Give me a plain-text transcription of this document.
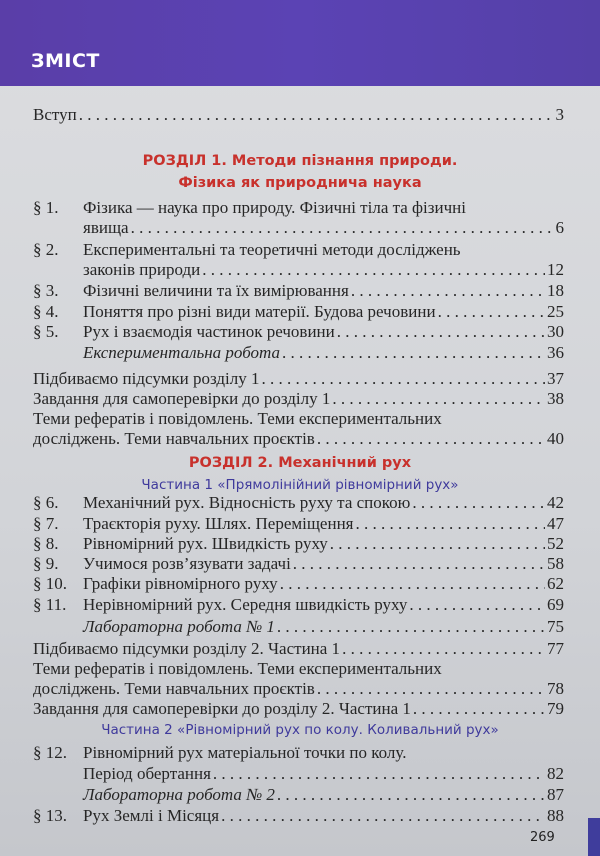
ЗМІСТ
Вступ . . .	3
РОЗДІЛ 1. Методи пізнання природи.
Фізика як природнича наука
§ 1.	Фізика — наука про природу. Фізичні тіла та фізичні
явища . . .	6
§ 2.	Експериментальні та теоретичні методи досліджень
законів природи . . .	12
§ 3.	Фізичні величини та їх вимірювання . . .	18
§ 4.	Поняття про різні види матерії. Будова речовини . . .	25
§ 5.	Рух і взаємодія частинок речовини . . .	30
Експериментальна робота . . .	36
Підбиваємо підсумки розділу 1 . . .	37
Завдання для самоперевірки до розділу 1 . . .	38
Теми рефератів і повідомлень. Теми експериментальних
досліджень. Теми навчальних проєктів . . .	40
РОЗДІЛ 2. Механічний рух
Частина 1 «Прямолінійний рівномірний рух»
§ 6.	Механічний рух. Відносність руху та спокою . . .	42
§ 7.	Траєкторія руху. Шлях. Переміщення . . .	47
§ 8.	Рівномірний рух. Швидкість руху . . .	52
§ 9.	Учимося розв’язувати задачі . . .	58
§ 10. Графіки рівномірного руху . . .	62
§ 11. Нерівномірний рух. Середня швидкість руху . . .	69
Лабораторна робота № 1 . . .	75
Підбиваємо підсумки розділу 2. Частина 1 . . .	77
Теми рефератів і повідомлень. Теми експериментальних
досліджень. Теми навчальних проєктів . . .	78
Завдання для самоперевірки до розділу 2. Частина 1 . . .	79
Частина 2 «Рівномірний рух по колу. Коливальний рух»
§ 12. Рівномірний рух матеріальної точки по колу.
Період обертання . . .	82
Лабораторна робота № 2 . . .	87
§ 13. Рух Землі і Місяця . . .	88
269
